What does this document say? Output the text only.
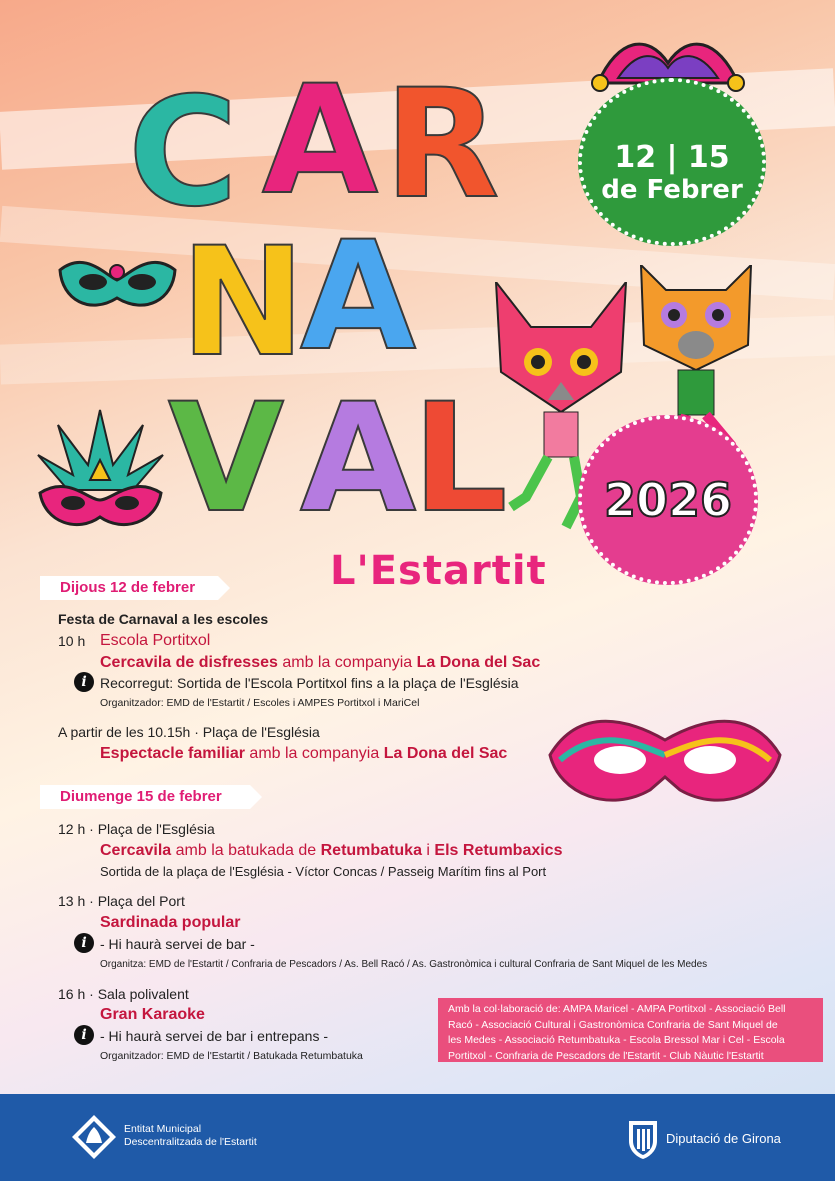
C A R
N
A
V A
L
12 | 15
de Febrer
2026
L'Estartit
Dijous 12 de febrer
Festa de Carnaval a les escoles
10 h Escola Portitxol
Cercavila de disfresses amb la companyia La Dona del Sac
i Recorregut: Sortida de l'Escola Portitxol fins a la plaça de l'Església
Organitzador: EMD de l'Estartit / Escoles i AMPES Portitxol i MariCel
A partir de les 10.15h · Plaça de l'Església
Espectacle familiar amb la companyia La Dona del Sac
Diumenge 15 de febrer
12 h · Plaça de l'Església
Cercavila amb la batukada de Retumbatuka i Els Retumbaxics
Sortida de la plaça de l'Església - Víctor Concas / Passeig Marítim fins al Port
13 h · Plaça del Port
Sardinada popular
i - Hi haurà servei de bar -
Organitza: EMD de l'Estartit / Confraria de Pescadors / As. Bell Racó / As. Gastronòmica i cultural Confraria de Sant Miquel de les Medes
16 h · Sala polivalent
Gran Karaoke
i - Hi haurà servei de bar i entrepans -
Organitzador: EMD de l'Estartit / Batukada Retumbatuka
Amb la col·laboració de: AMPA Maricel - AMPA Portitxol - Associació Bell
Racó - Associació Cultural i Gastronòmica Confraria de Sant Miquel de
les Medes - Associació Retumbatuka - Escola Bressol Mar i Cel - Escola
Portitxol - Confraria de Pescadors de l'Estartit - Club Nàutic l'Estartit
Entitat Municipal
Descentralitzada de l'Estartit	Diputació de Girona
